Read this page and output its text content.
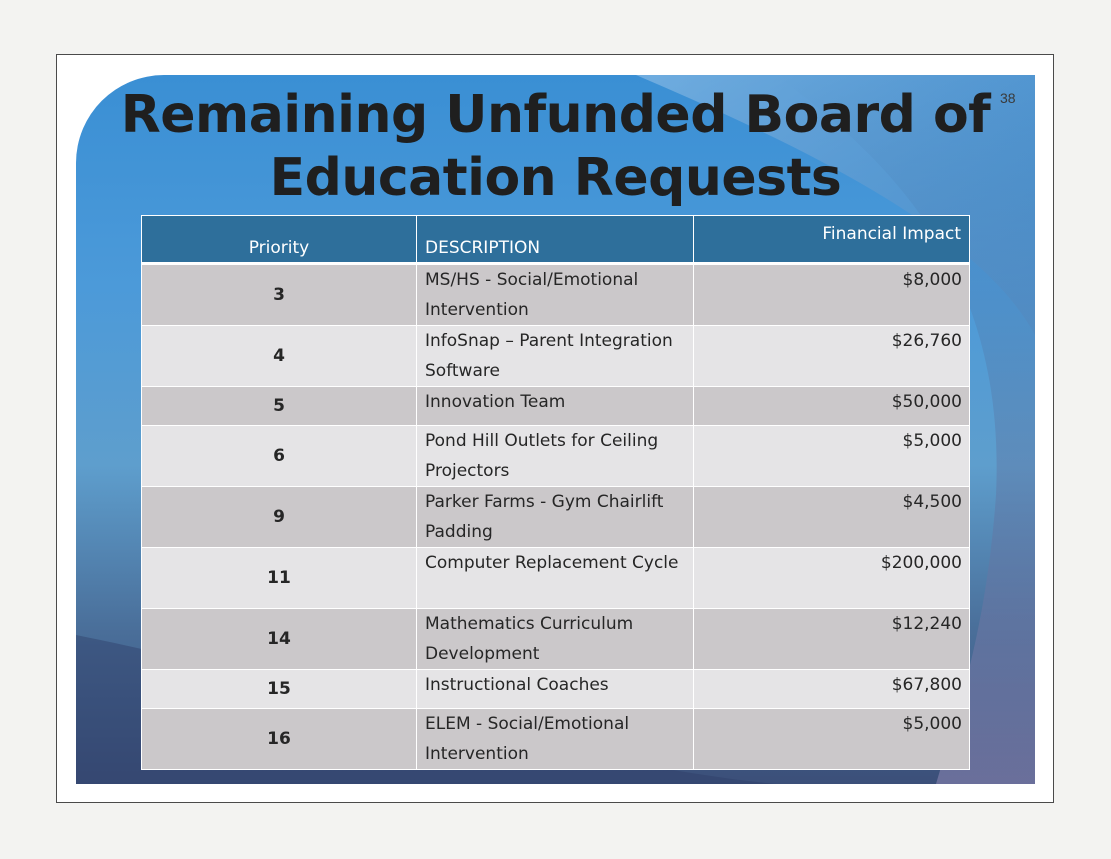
Remaining Unfunded Board of
Education Requests
38
Priority	DESCRIPTION	Financial Impact
3	MS/HS - Social/Emotional Intervention	$8,000
4	InfoSnap – Parent Integration Software	$26,760
5	Innovation Team	$50,000
6	Pond Hill Outlets for Ceiling Projectors	$5,000
9	Parker Farms - Gym Chairlift Padding	$4,500
11	Computer Replacement Cycle	$200,000
14	Mathematics Curriculum Development	$12,240
15	Instructional Coaches	$67,800
16	ELEM - Social/Emotional Intervention	$5,000
